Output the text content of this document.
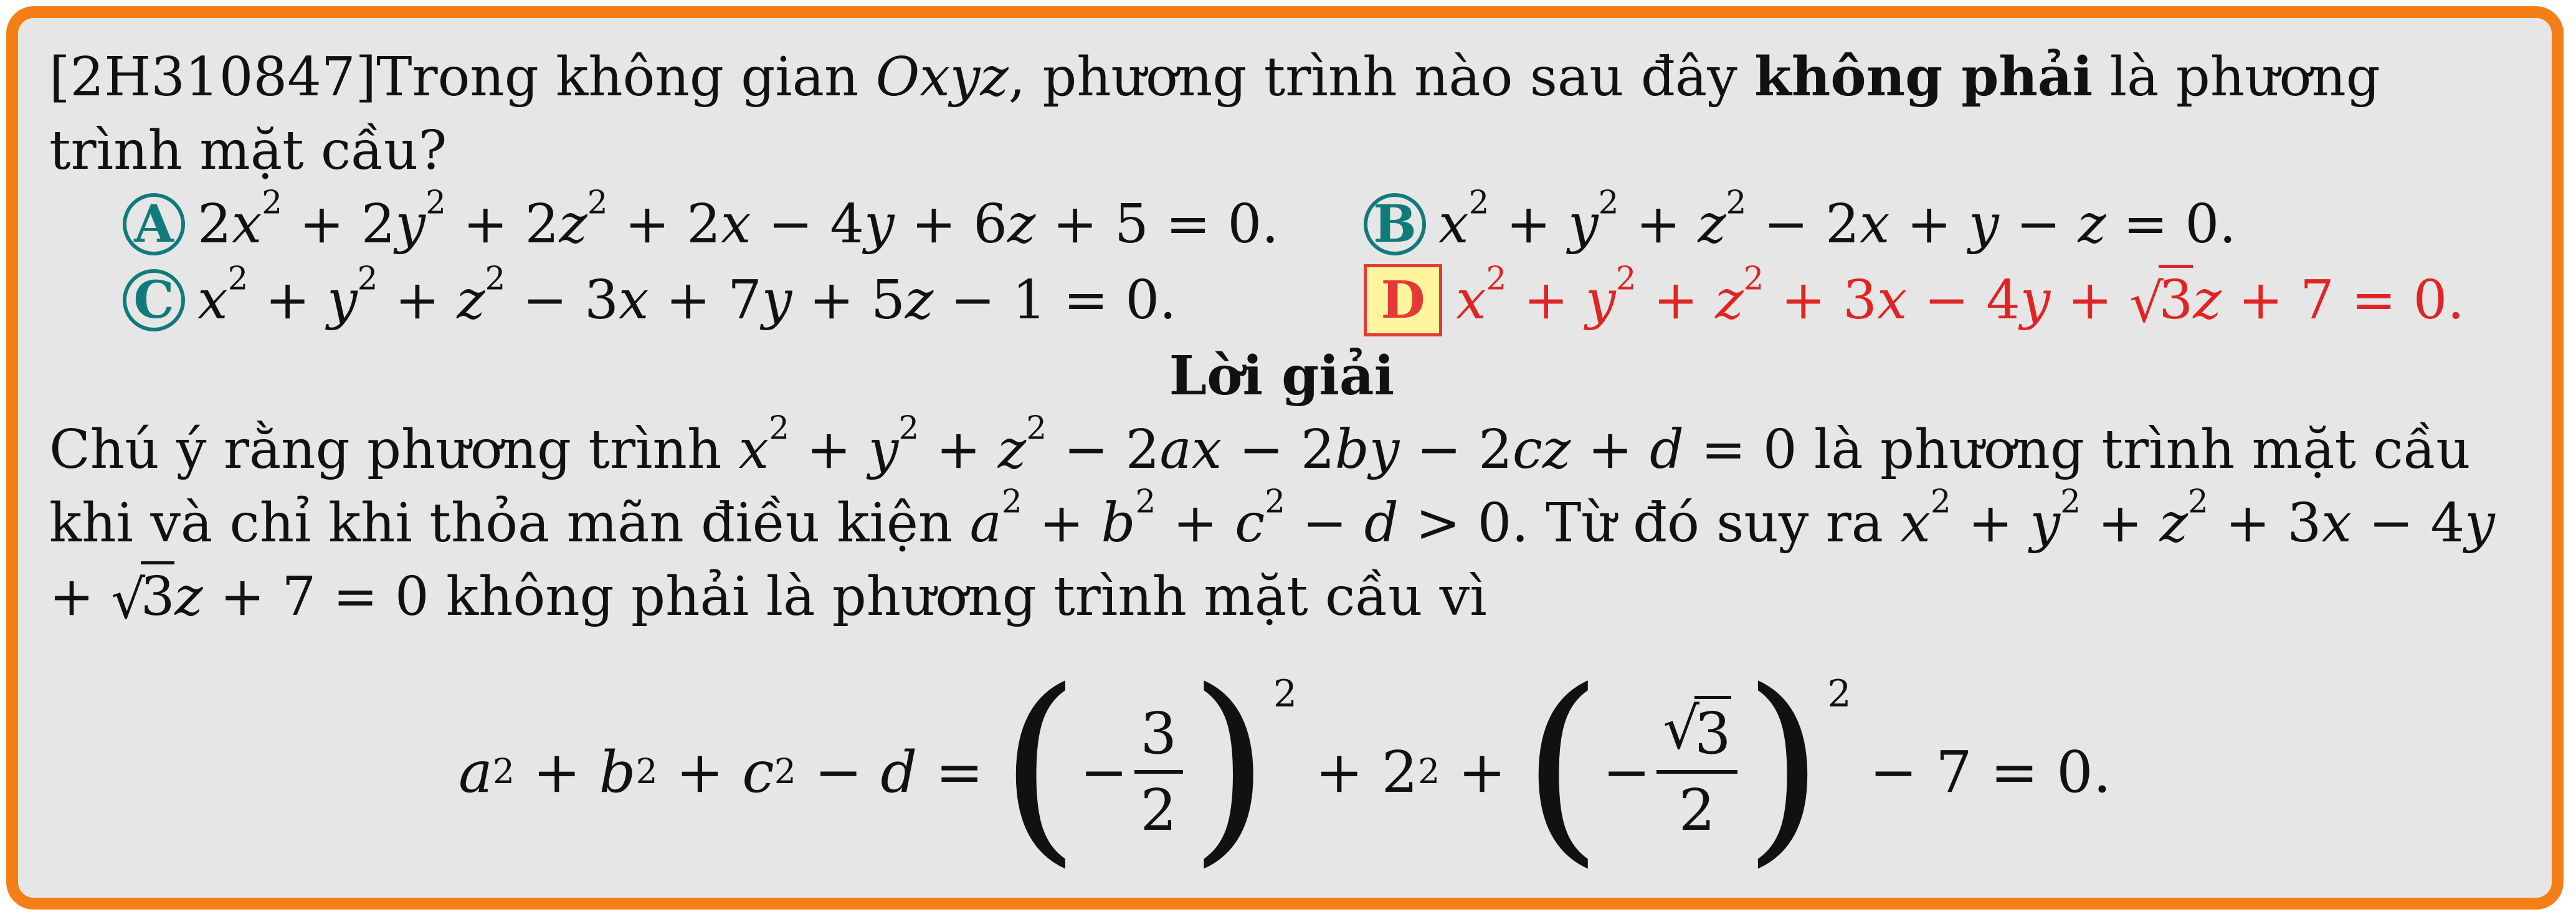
[2H310847]Trong không gian Oxyz, phương trình nào sau đây không phải là phương trình mặt cầu?

A $2x^2 + 2y^2 + 2z^2 + 2x - 4y + 6z + 5 = 0$. B $x^2 + y^2 + z^2 - 2x + y - z = 0$.
C $x^2 + y^2 + z^2 - 3x + 7y + 5z - 1 = 0$.	D $x^2 + y^2 + z^2 + 3x - 4y$ + √
3z + 7 = 0.

Lời giải

Chú ý rằng phương trình $x^2 + y^2 + z^2 - 2ax - 2by - 2cz + d = 0$ là phương trình mặt cầu khi và chỉ khi thỏa mãn điều kiện $a^2 + b^2 + c^2 - d > 0$. Từ đó suy ra $x^2 + y^2 + z^2 + 3x - 4y$ + √
3z + 7 = 0 không phải là phương trình mặt cầu vì

a 2 + b 2 + c 2 − d = ( − $\frac{3}{2}$ ) 2
+ 2 2 + ( − √
3
2 ) 2
− 7 = 0.
